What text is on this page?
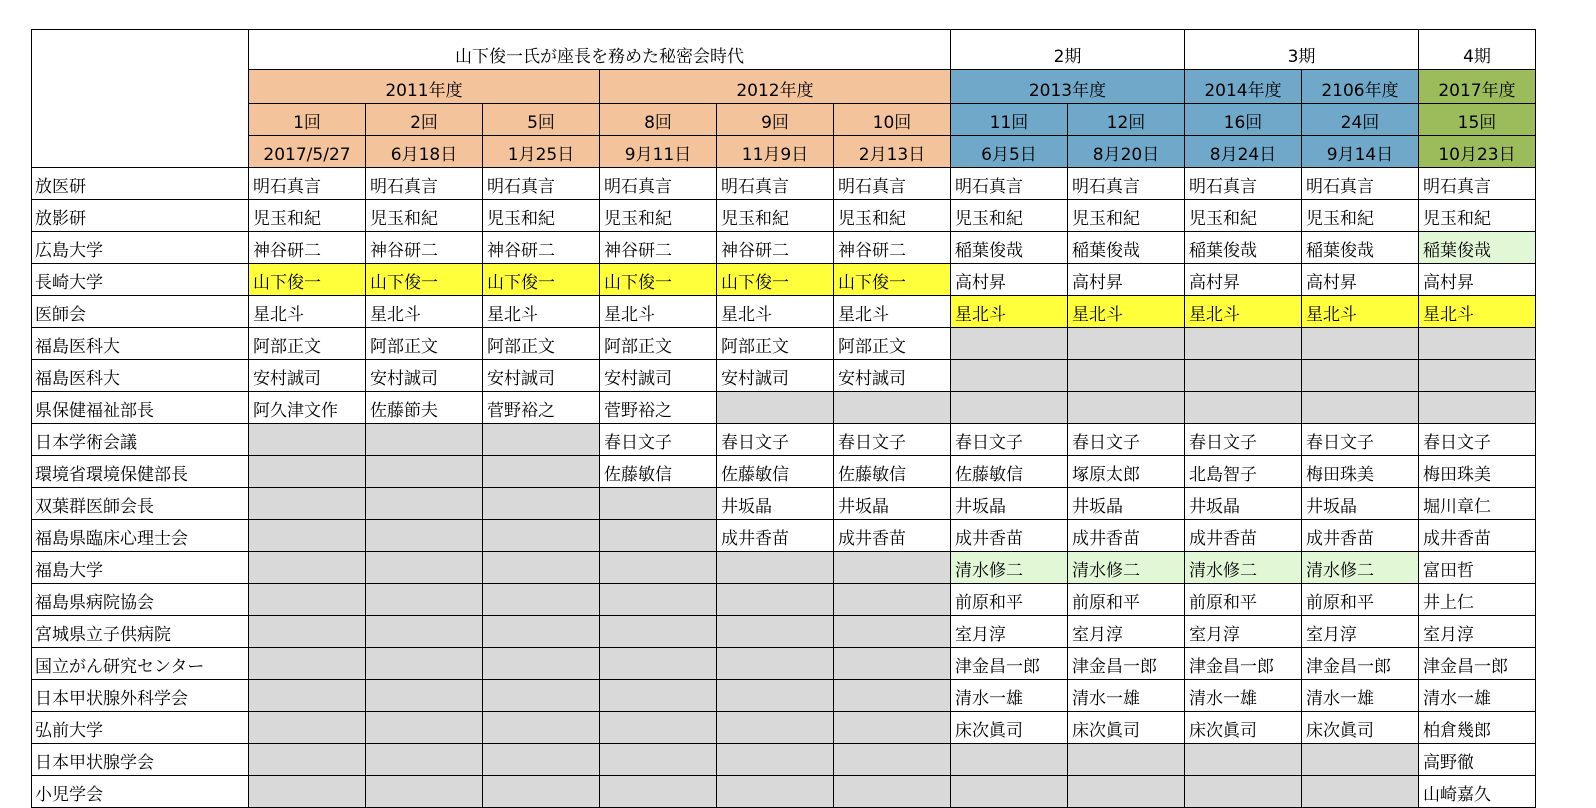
	山下俊一氏が座長を務めた秘密会時代						2期		3期		4期
	2011年度			2012年度			2013年度		2014年度	2106年度	2017年度
	1回	2回	5回	8回	9回	10回	11回	12回	16回	24回	15回
	2017/5/27	6月18日	1月25日	9月11日	11月9日	2月13日	6月5日	8月20日	8月24日	9月14日	10月23日
放医研	明石真言	明石真言	明石真言	明石真言	明石真言	明石真言	明石真言	明石真言	明石真言	明石真言	明石真言
放影研	児玉和紀	児玉和紀	児玉和紀	児玉和紀	児玉和紀	児玉和紀	児玉和紀	児玉和紀	児玉和紀	児玉和紀	児玉和紀
広島大学	神谷研二	神谷研二	神谷研二	神谷研二	神谷研二	神谷研二	稲葉俊哉	稲葉俊哉	稲葉俊哉	稲葉俊哉	稲葉俊哉
長崎大学	山下俊一	山下俊一	山下俊一	山下俊一	山下俊一	山下俊一	高村昇	高村昇	高村昇	高村昇	高村昇
医師会	星北斗	星北斗	星北斗	星北斗	星北斗	星北斗	星北斗	星北斗	星北斗	星北斗	星北斗
福島医科大	阿部正文	阿部正文	阿部正文	阿部正文	阿部正文	阿部正文					
福島医科大	安村誠司	安村誠司	安村誠司	安村誠司	安村誠司	安村誠司					
県保健福祉部長	阿久津文作	佐藤節夫	菅野裕之	菅野裕之							
日本学術会議				春日文子	春日文子	春日文子	春日文子	春日文子	春日文子	春日文子	春日文子
環境省環境保健部長				佐藤敏信	佐藤敏信	佐藤敏信	佐藤敏信	塚原太郎	北島智子	梅田珠美	梅田珠美
双葉群医師会長					井坂晶	井坂晶	井坂晶	井坂晶	井坂晶	井坂晶	堀川章仁
福島県臨床心理士会					成井香苗	成井香苗	成井香苗	成井香苗	成井香苗	成井香苗	成井香苗
福島大学							清水修二	清水修二	清水修二	清水修二	富田哲
福島県病院協会							前原和平	前原和平	前原和平	前原和平	井上仁
宮城県立子供病院							室月淳	室月淳	室月淳	室月淳	室月淳
国立がん研究センター							津金昌一郎	津金昌一郎	津金昌一郎	津金昌一郎	津金昌一郎
日本甲状腺外科学会							清水一雄	清水一雄	清水一雄	清水一雄	清水一雄
弘前大学							床次眞司	床次眞司	床次眞司	床次眞司	柏倉幾郎
日本甲状腺学会											高野徹
小児学会											山崎嘉久
